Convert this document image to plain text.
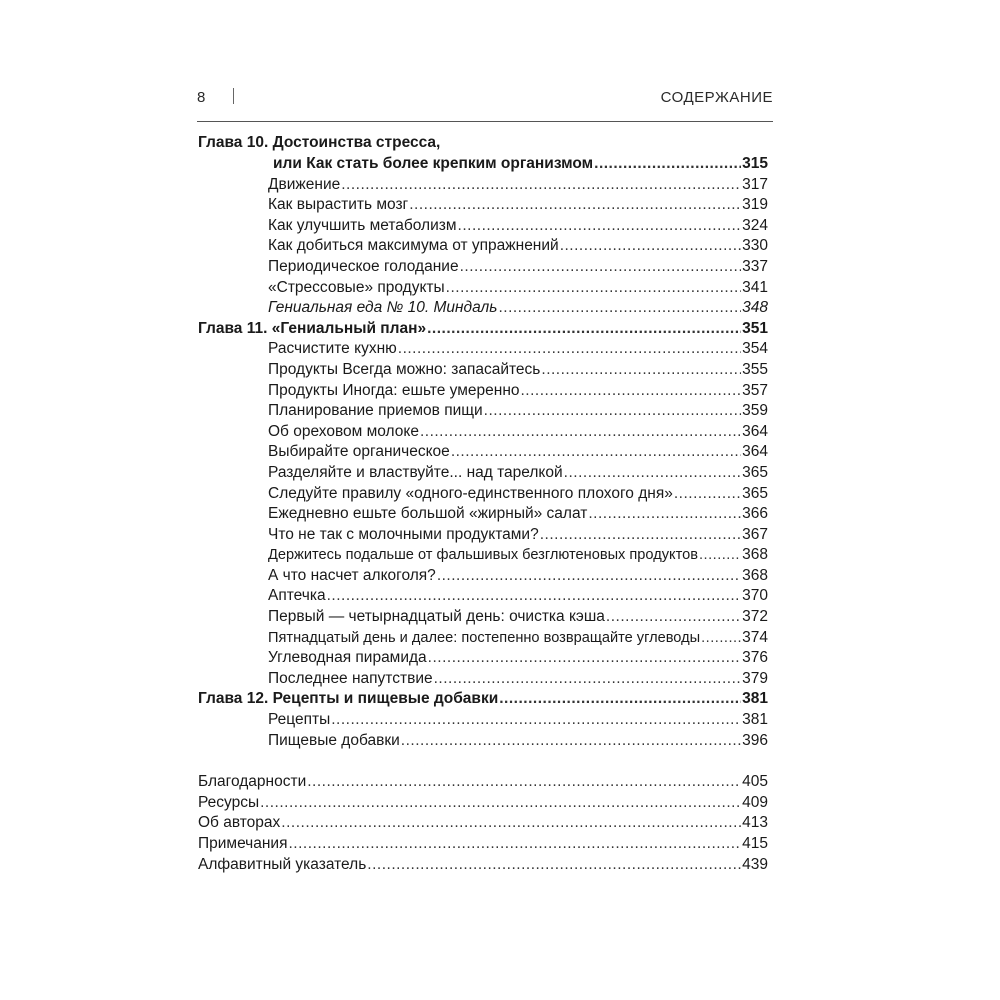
8	СОДЕРЖАНИЕ
Глава 10. Достоинства стресса,
или Как стать более крепким организмом .....	315
Движение .....	317
Как вырастить мозг .....	319
Как улучшить метаболизм .....	324
Как добиться максимума от упражнений .....	330
Периодическое голодание .....	337
«Стрессовые» продукты .....	341
Гениальная еда № 10. Миндаль .....	348
Глава 11. «Гениальный план» .....	351
Расчистите кухню .....	354
Продукты Всегда можно: запасайтесь .....	355
Продукты Иногда: ешьте умеренно .....	357
Планирование приемов пищи .....	359
Об ореховом молоке .....	364
Выбирайте органическое .....	364
Разделяйте и властвуйте... над тарелкой .....	365
Следуйте правилу «одного-единственного плохого дня» .....	365
Ежедневно ешьте большой «жирный» салат .....	366
Что не так с молочными продуктами? .....	367
Держитесь подальше от фальшивых безглютеновых продуктов .....	368
А что насчет алкоголя? .....	368
Аптечка .....	370
Первый — четырнадцатый день: очистка кэша .....	372
Пятнадцатый день и далее: постепенно возвращайте углеводы .....	374
Углеводная пирамида .....	376
Последнее напутствие .....	379
Глава 12. Рецепты и пищевые добавки .....	381
Рецепты .....	381
Пищевые добавки .....	396
Благодарности .....	405
Ресурсы .....	409
Об авторах .....	413
Примечания .....	415
Алфавитный указатель .....	439
